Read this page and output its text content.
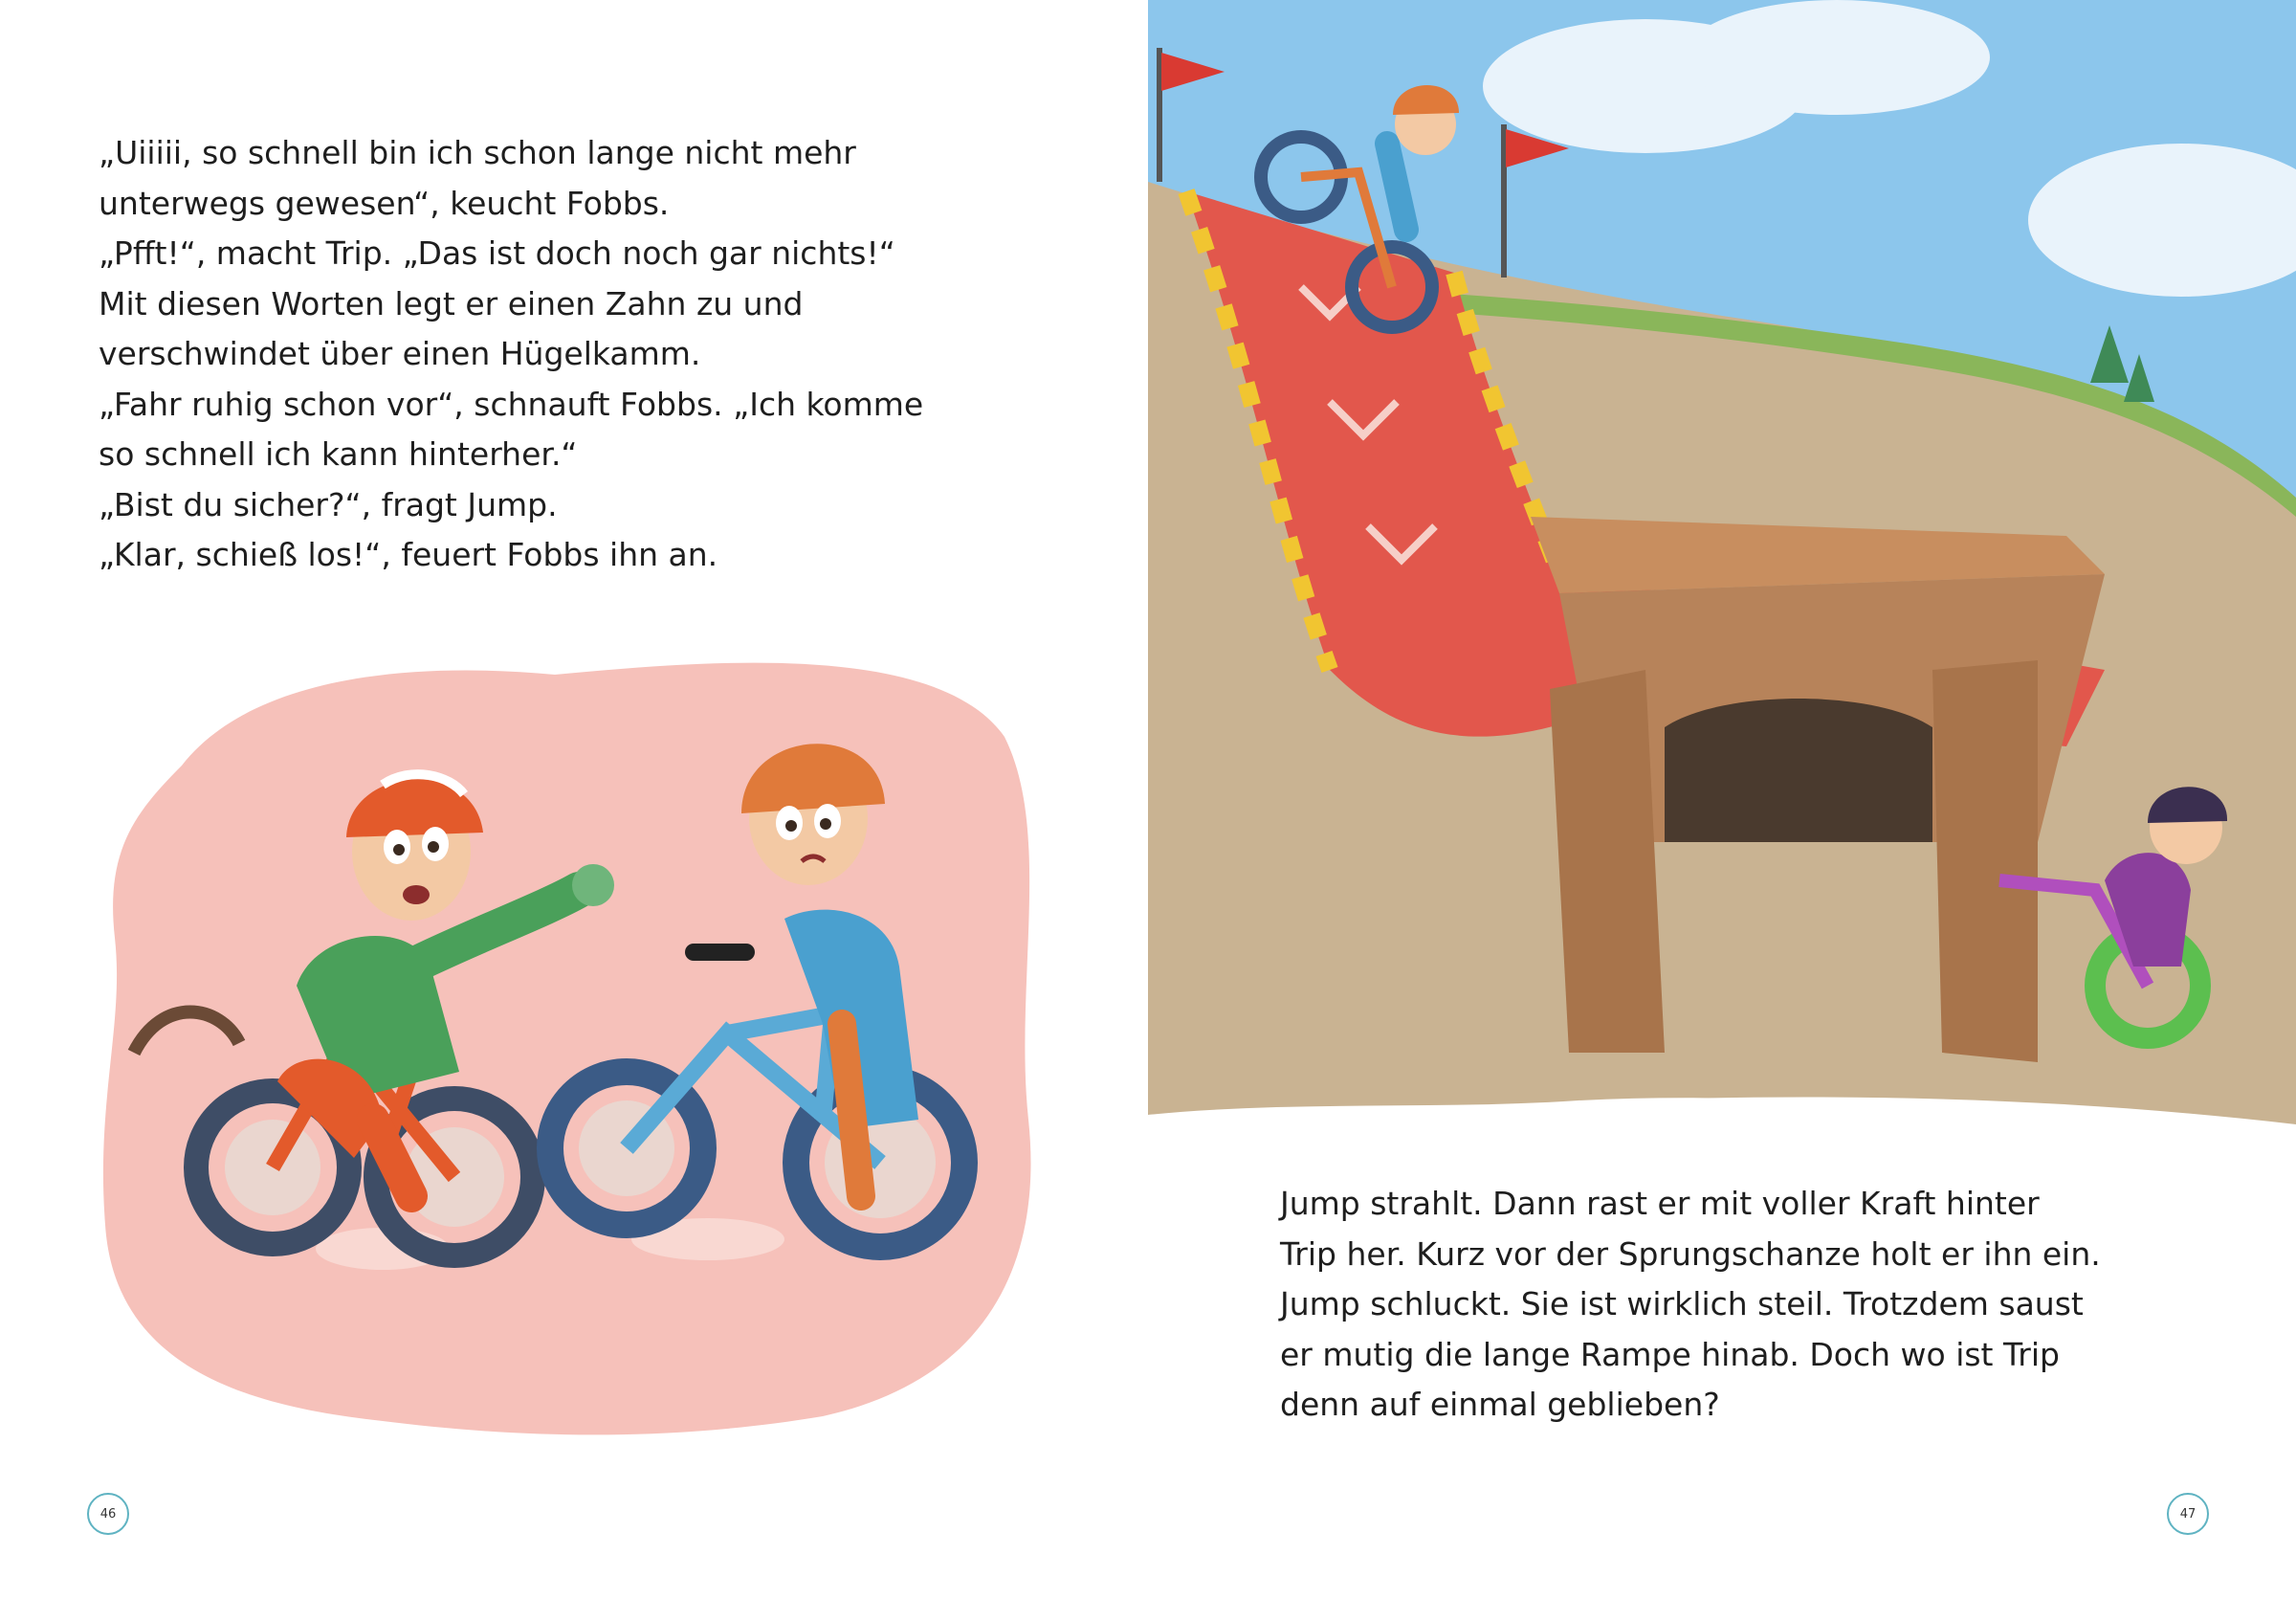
„Uiiiii, so schnell bin ich schon lange nicht mehr
unterwegs gewesen“, keucht Fobbs.
„Pfft!“, macht Trip. „Das ist doch noch gar nichts!“
Mit diesen Worten legt er einen Zahn zu und
verschwindet über einen Hügelkamm.
„Fahr ruhig schon vor“, schnauft Fobbs. „Ich komme
so schnell ich kann hinterher.“
„Bist du sicher?“, fragt Jump.
„Klar, schieß los!“, feuert Fobbs ihn an.
46
Jump strahlt. Dann rast er mit voller Kraft hinter
Trip her. Kurz vor der Sprungschanze holt er ihn ein.
Jump schluckt. Sie ist wirklich steil. Trotzdem saust
er mutig die lange Rampe hinab. Doch wo ist Trip
denn auf einmal geblieben?
47
